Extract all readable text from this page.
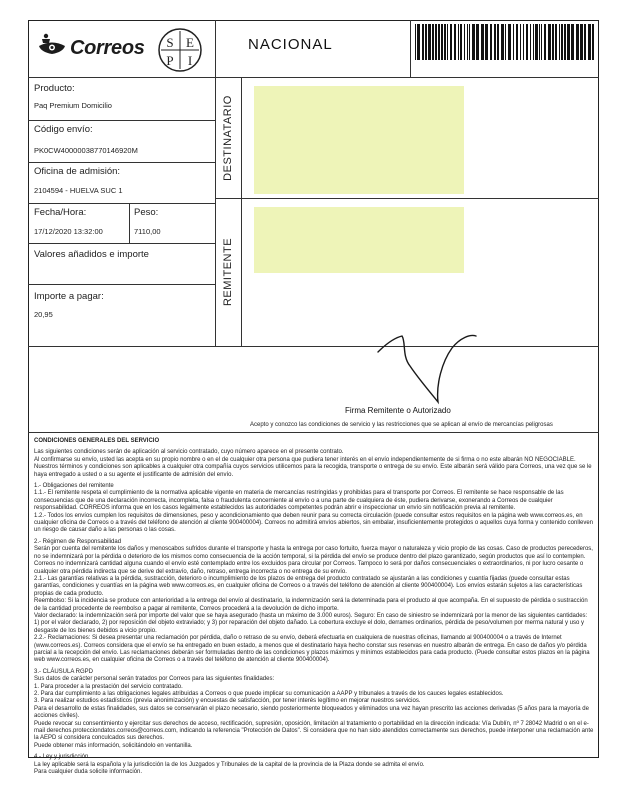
Correos S E
P I
NACIONAL
Producto:
Paq Premium Domicilio
Código envío:
PK0CW40000038770146920M
Oficina de admisión:
2104594 - HUELVA SUC 1
Fecha/Hora:
17/12/2020 13:32:00
Peso:
7110,00
Valores añadidos e importe
Importe a pagar:
20,95
DESTINATARIO
REMITENTE
Firma Remitente o Autorizado
Acepto y conozco las condiciones de servicio y las restricciones que se aplican al envío de mercancías peligrosas

CONDICIONES GENERALES DEL SERVICIO

Las siguientes condiciones serán de aplicación al servicio contratado, cuyo número aparece en el presente contrato.

Al confirmarse su envío, usted las acepta en su propio nombre o en el de cualquier otra persona que pudiera tener interés en el envío independientemente de si firma o no este albarán NO NEGOCIABLE. Nuestros términos y condiciones son aplicables a cualquier otra compañía cuyos servicios utilicemos para la recogida, transporte o entrega de su envío. Este albarán será válido para Correos, una vez que se le haya entregado a usted o a su agente el justificante de admisión del envío.

1.- Obligaciones del remitente

1.1.- El remitente respeta el cumplimiento de la normativa aplicable vigente en materia de mercancías restringidas y prohibidas para el transporte por Correos. El remitente se hace responsable de las consecuencias que de una declaración incorrecta, incompleta, falsa o fraudulenta concerniente al envío o a una parte de cualquiera de éste, pudiera derivarse, exonerando a Correos de cualquier responsabilidad. CORREOS informa que en los casos legalmente establecidos las autoridades competentes podrán abrir e inspeccionar un envío sin notificación previa al remitente.

1.2.- Todos los envíos cumplen los requisitos de dimensiones, peso y acondicionamiento que deben reunir para su correcta circulación (puede consultar estos requisitos en la página web www.correos.es, en cualquier oficina de Correos o a través del teléfono de atención al cliente 900400004). Correos no admitirá envíos abiertos, sin embalar, insuficientemente protegidos o aquellos cuya forma y contenido conlleven un riesgo de causar daño a las personas o las cosas.

2.- Régimen de Responsabilidad

Serán por cuenta del remitente los daños y menoscabos sufridos durante el transporte y hasta la entrega por caso fortuito, fuerza mayor o naturaleza y vicio propio de las cosas. Caso de productos perecederos, no se indemnizará por la pérdida o deterioro de los mismos como consecuencia de la acción temporal, si la pérdida del envío se produce dentro del plazo garantizado, según productos que así lo contemplen. Correos no indemnizará cantidad alguna cuando el envío esté contemplado entre los excluidos para circular por Correos. Tampoco lo será por daños consecuenciales o extraordinarios, ni por lucro cesante o cualquier otra pérdida indirecta que se derive del extravío, daño, retraso, entrega incorrecta o no entrega de su envío.

2.1.- Las garantías relativas a la pérdida, sustracción, deterioro o incumplimiento de los plazos de entrega del producto contratado se ajustarán a las condiciones y cuantía fijadas (puede consultar estas garantías, condiciones y cuantías en la página web www.correos.es, en cualquier oficina de Correos o a través del teléfono de atención al cliente 900400004). Los envíos estarán sujetos a las características propias de cada producto.

Reembolso: Si la incidencia se produce con anterioridad a la entrega del envío al destinatario, la indemnización será la determinada para el producto al que acompaña. En el supuesto de pérdida o sustracción de la cantidad procedente de reembolso a pagar al remitente, Correos procederá a la devolución de dicho importe.

Valor declarado: la indemnización será por importe del valor que se haya asegurado (hasta un máximo de 3.000 euros). Seguro: En caso de siniestro se indemnizará por la menor de las siguientes cantidades: 1) por el valor declarado, 2) por reposición del objeto extraviado; y 3) por reparación del objeto dañado. La cobertura excluye el dolo, derrames ordinarios, pérdida de peso/volumen por merma natural y uso y desgaste de los bienes debidos a vicio propio.

2.2.- Reclamaciones: Si desea presentar una reclamación por pérdida, daño o retraso de su envío, deberá efectuarla en cualquiera de nuestras oficinas, llamando al 900400004 o a través de Internet (www.correos.es). Correos considera que el envío se ha entregado en buen estado, a menos que el destinatario haya hecho constar sus reservas en nuestro albarán de entrega. En caso de daños y/o pérdida parcial a la recepción del envío. Las reclamaciones deberán ser formuladas dentro de las condiciones y plazos máximos y mínimos establecidos para cada producto. (Puede consultar estos plazos en la página web www.correos.es, en cualquier oficina de Correos o a través del teléfono de atención al cliente 900400004).

3.- CLÁUSULA RGPD

Sus datos de carácter personal serán tratados por Correos para las siguientes finalidades:

1. Para proceder a la prestación del servicio contratado.

2. Para dar cumplimiento a las obligaciones legales atribuidas a Correos o que puede implicar su comunicación a AAPP y tribunales a través de los cauces legales establecidos.

3. Para realizar estudios estadísticos (previa anonimización) y encuestas de satisfacción, por tener interés legítimo en mejorar nuestros servicios.

Para el desarrollo de estas finalidades, sus datos se conservarán el plazo necesario, siendo posteriormente bloqueados y eliminados una vez hayan prescrito las acciones derivadas (5 años para la mayoría de acciones civiles).

Puede revocar su consentimiento y ejercitar sus derechos de acceso, rectificación, supresión, oposición, limitación al tratamiento o portabilidad en la dirección indicada: Vía Dublín, nº 7 28042 Madrid o en el e-mail derechos.protecciondatos.correos@correos.com, indicando la referencia "Protección de Datos". Si considera que no han sido atendidos correctamente sus derechos, puede interponer una reclamación ante la AEPD si considera conculcados sus derechos.

Puede obtener más información, solicitándolo en ventanilla.

4.- Ley y jurisdicción

La ley aplicable será la española y la jurisdicción la de los Juzgados y Tribunales de la capital de la provincia de la Plaza donde se admita el envío.

Para cualquier duda solicite información.
